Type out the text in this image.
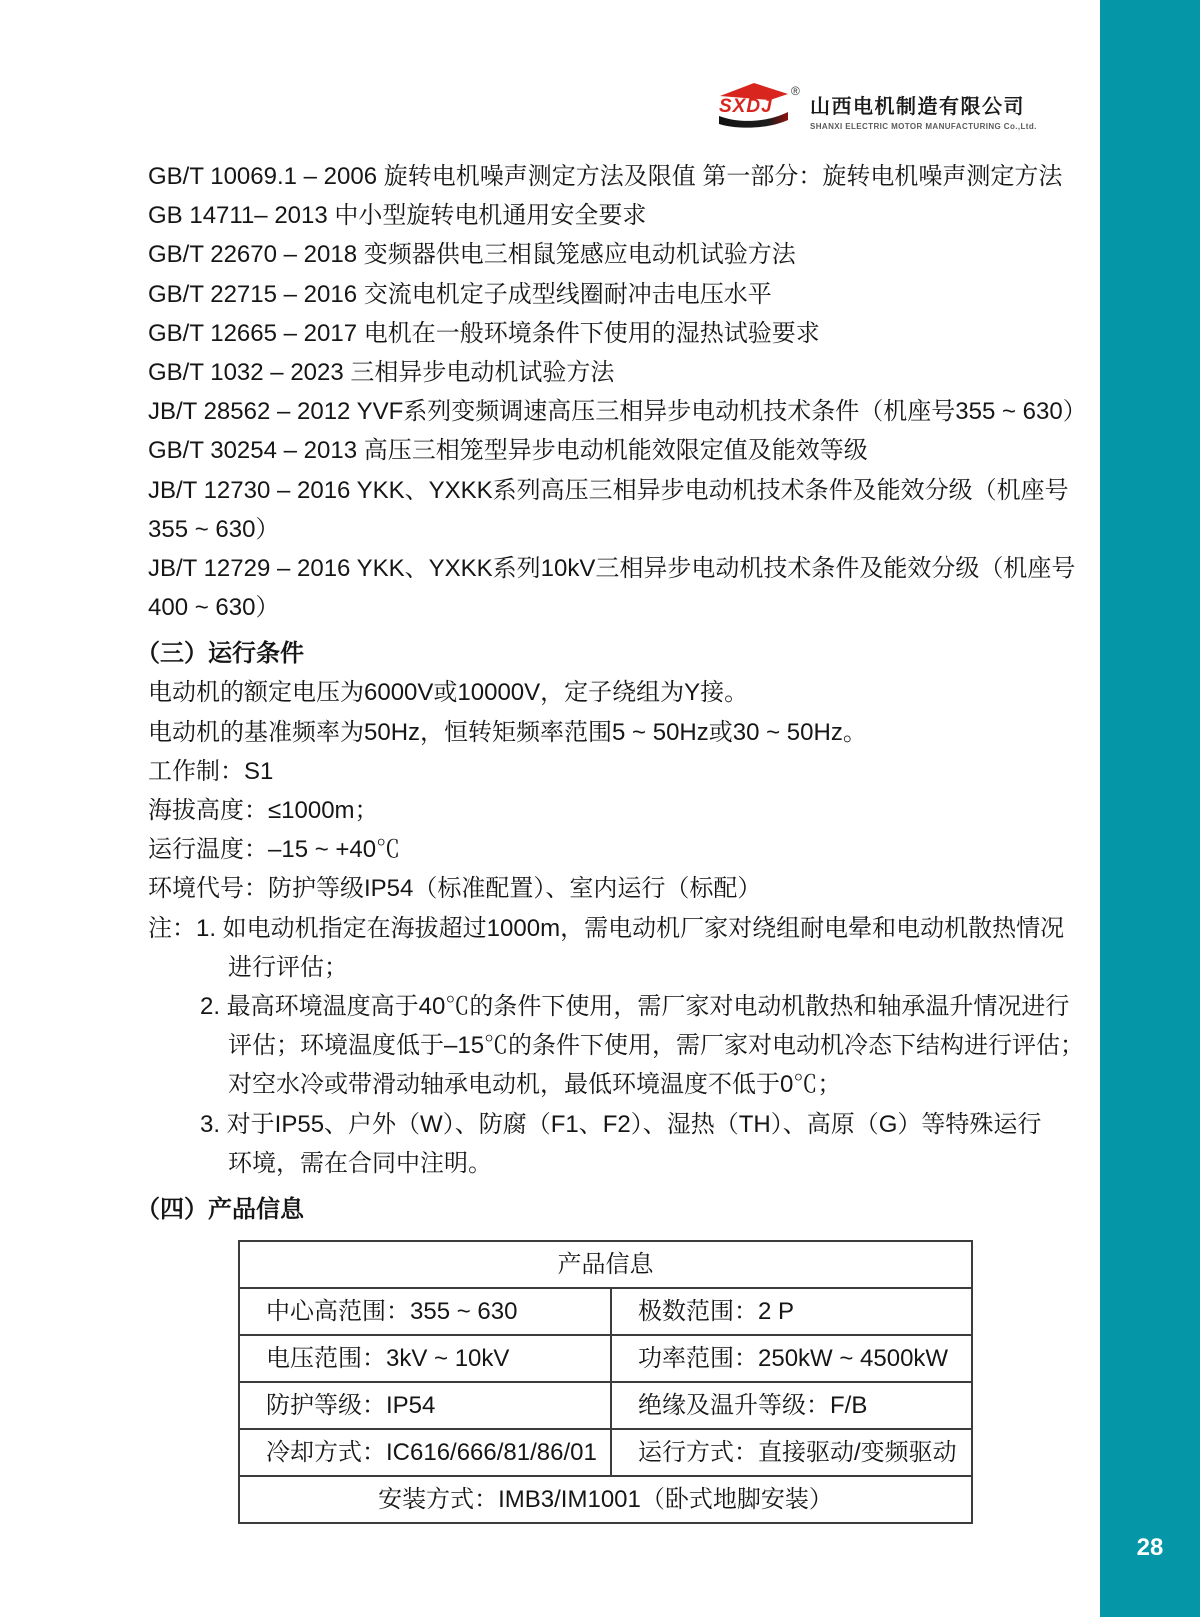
28
SXDJ
®
山西电机制造有限公司
SHANXI ELECTRIC MOTOR MANUFACTURING Co.,Ltd.
GB/T 10069.1 – 2006 旋转电机噪声测定方法及限值 第一部分：旋转电机噪声测定方法
GB 14711– 2013 中小型旋转电机通用安全要求
GB/T 22670 – 2018 变频器供电三相鼠笼感应电动机试验方法
GB/T 22715 – 2016 交流电机定子成型线圈耐冲击电压水平
GB/T 12665 – 2017 电机在一般环境条件下使用的湿热试验要求
GB/T 1032 – 2023 三相异步电动机试验方法
JB/T 28562 – 2012 YVF系列变频调速高压三相异步电动机技术条件（机座号355 ~ 630）
GB/T 30254 – 2013 高压三相笼型异步电动机能效限定值及能效等级
JB/T 12730 – 2016 YKK、YXKK系列高压三相异步电动机技术条件及能效分级（机座号
355 ~ 630）
JB/T 12729 – 2016 YKK、YXKK系列10kV三相异步电动机技术条件及能效分级（机座号
400 ~ 630）
（三）运行条件
电动机的额定电压为6000V或10000V，定子绕组为Y接。
电动机的基准频率为50Hz，恒转矩频率范围5 ~ 50Hz或30 ~ 50Hz。
工作制：S1
海拔高度：≤1000m；
运行温度：–15 ~ +40℃
环境代号：防护等级IP54（标准配置）、室内运行（标配）
注：1. 如电动机指定在海拔超过1000m，需电动机厂家对绕组耐电晕和电动机散热情况
进行评估；
2. 最高环境温度高于40℃的条件下使用，需厂家对电动机散热和轴承温升情况进行
评估；环境温度低于–15℃的条件下使用，需厂家对电动机冷态下结构进行评估；
对空水冷或带滑动轴承电动机，最低环境温度不低于0℃；
3. 对于IP55、户外（W）、防腐（F1、F2）、湿热（TH）、高原（G）等特殊运行
环境，需在合同中注明。
（四）产品信息
产品信息	
中心高范围：355 ~ 630	极数范围：2 P
电压范围：3kV ~ 10kV	功率范围：250kW ~ 4500kW
防护等级：IP54	绝缘及温升等级：F/B
冷却方式：IC616/666/81/86/01	运行方式：直接驱动/变频驱动
安装方式：IMB3/IM1001（卧式地脚安装）	
